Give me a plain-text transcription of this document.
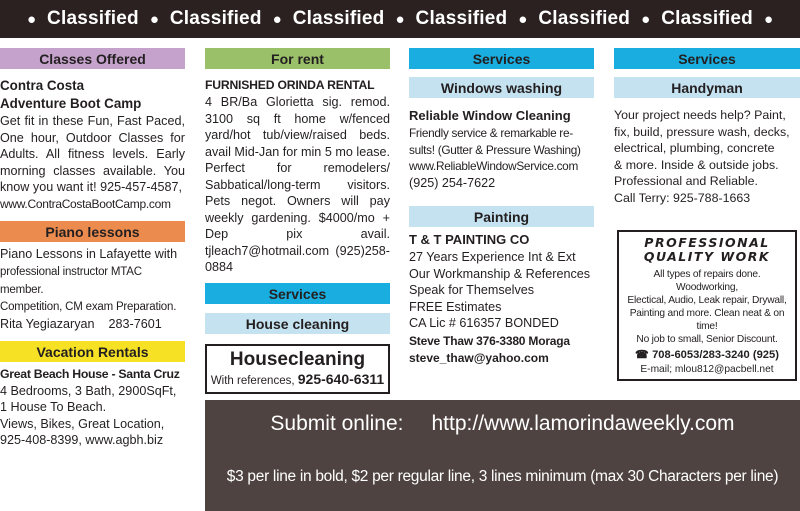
● Classified ● Classified ● Classified ● Classified ● Classified ● Classified ●
Classes Offered
Contra Costa
Adventure Boot Camp

Get fit in these Fun, Fast Paced, One hour, Outdoor Classes for Adults. All fitness levels. Early morning classes available. You know you want it! 925-457-4587,

www.ContraCostaBootCamp.com

Piano lessons

Piano Lessons in Lafayette with

professional instructor MTAC member.

Competition, CM exam Preparation.

Rita Yegiazaryan 283-7601

Vacation Rentals

Great Beach House - Santa Cruz

4 Bedrooms, 3 Bath, 2900SqFt,

1 House To Beach.

Views, Bikes, Great Location,

925-408-8399, www.agbh.biz

For rent

FURNISHED ORINDA RENTAL

4 BR/Ba Glorietta sig. remod. 3100 sq ft home w/fenced yard/hot tub/view/raised beds. avail Mid-Jan for min 5 mo lease. Perfect for remodelers/ Sabbatical/long-term visitors. Pets negot. Owners will pay weekly gardening. $4000/mo + Dep pix avail. tjleach7@hotmail.com (925)258-0884

Services
House cleaning
Housecleaning
With references, 925-640-6311
Services
Windows washing

Reliable Window Cleaning

Friendly service & remarkable re-

sults! (Gutter & Pressure Washing)

www.ReliableWindowService.com

(925) 254-7622

Painting

T & T PAINTING CO

27 Years Experience Int & Ext

Our Workmanship & References

Speak for Themselves

FREE Estimates

CA Lic # 616357 BONDED

Steve Thaw 376-3380 Moraga

steve_thaw@yahoo.com

Services
Handyman

Your project needs help? Paint,

fix, build, pressure wash, decks,

electrical, plumbing, concrete

& more. Inside & outside jobs.

Professional and Reliable.

Call Terry: 925-788-1663

PROFESSIONAL
QUALITY WORK
All types of repairs done. Woodworking,
Electical, Audio, Leak repair, Drywall,
Painting and more. Clean neat & on time!
No job to small, Senior Discount.
☎ 708-6053/283-3240 (925)
E-mail; mlou812@pacbell.net
Submit online: http://www.lamorindaweekly.com
$3 per line in bold, $2 per regular line, 3 lines minimum (max 30 Characters per line)
